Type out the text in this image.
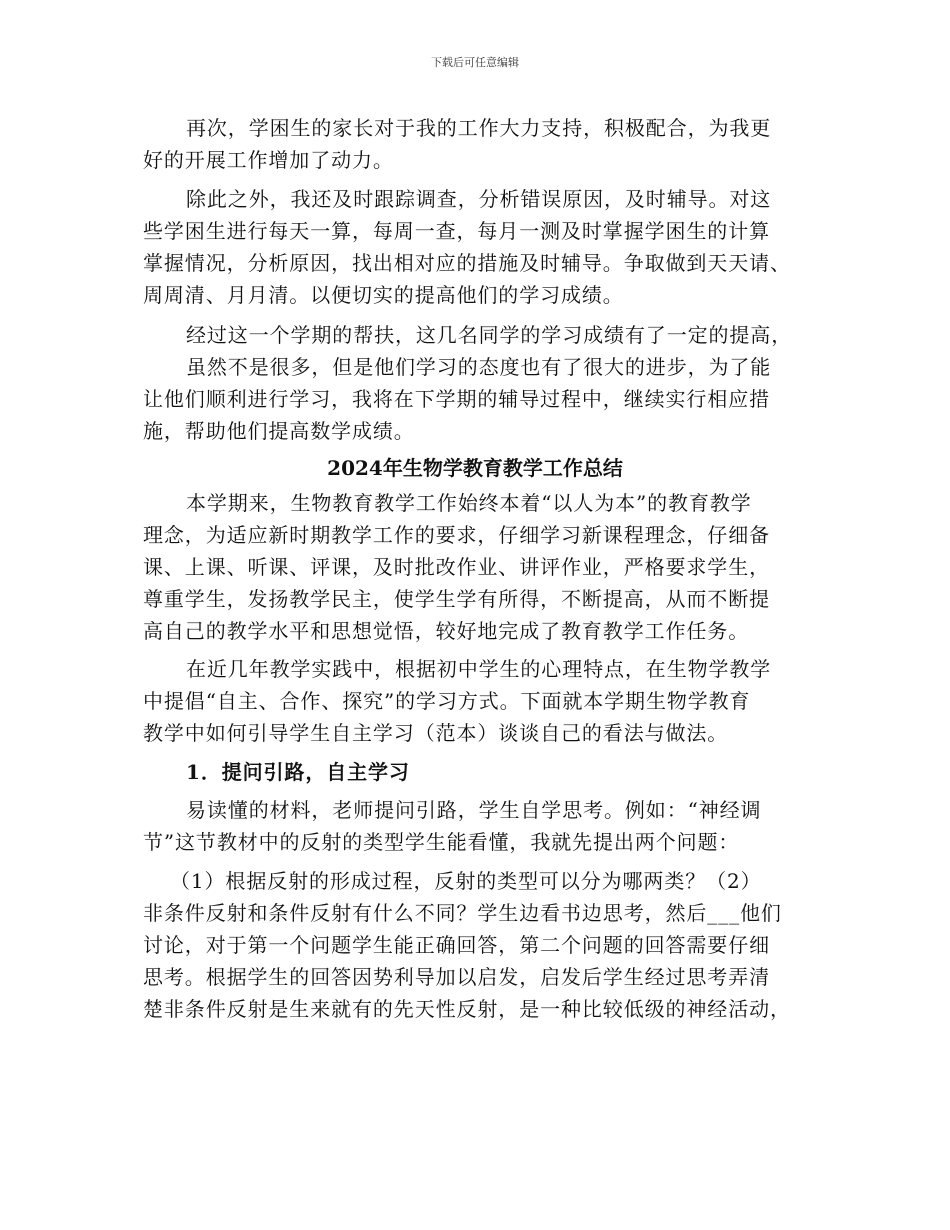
下载后可任意编辑
再次，学困生的家长对于我的工作大力支持，积极配合，为我更
好的开展工作增加了动力。
除此之外，我还及时跟踪调查，分析错误原因，及时辅导。对这
些学困生进行每天一算，每周一查，每月一测及时掌握学困生的计算
掌握情况，分析原因，找出相对应的措施及时辅导。争取做到天天请、
周周清、月月清。以便切实的提高他们的学习成绩。
经过这一个学期的帮扶，这几名同学的学习成绩有了一定的提高，
虽然不是很多，但是他们学习的态度也有了很大的进步，为了能
让他们顺利进行学习，我将在下学期的辅导过程中，继续实行相应措
施，帮助他们提高数学成绩。
2024年生物学教育教学工作总结
本学期来，生物教育教学工作始终本着“以人为本”的教育教学
理念，为适应新时期教学工作的要求，仔细学习新课程理念，仔细备
课、上课、听课、评课，及时批改作业、讲评作业，严格要求学生，
尊重学生，发扬教学民主，使学生学有所得，不断提高，从而不断提
高自己的教学水平和思想觉悟，较好地完成了教育教学工作任务。
在近几年教学实践中，根据初中学生的心理特点，在生物学教学
中提倡“自主、合作、探究”的学习方式。下面就本学期生物学教育
教学中如何引导学生自主学习（范本）谈谈自己的看法与做法。
1．提问引路，自主学习
易读懂的材料，老师提问引路，学生自学思考。例如：“神经调
节”这节教材中的反射的类型学生能看懂，我就先提出两个问题：
（1）根据反射的形成过程，反射的类型可以分为哪两类？（2）
非条件反射和条件反射有什么不同？学生边看书边思考，然后___他们
讨论，对于第一个问题学生能正确回答，第二个问题的回答需要仔细
思考。根据学生的回答因势利导加以启发，启发后学生经过思考弄清
楚非条件反射是生来就有的先天性反射，是一种比较低级的神经活动，
